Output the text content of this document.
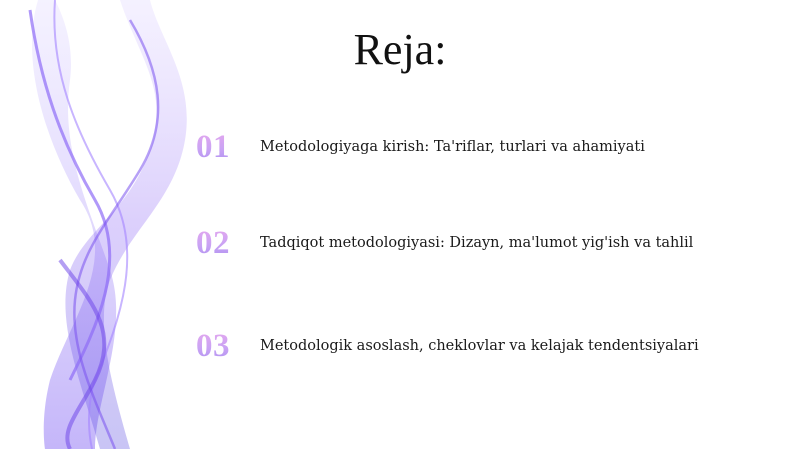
Reja:
01	Metodologiyaga kirish: Ta'riflar, turlari va ahamiyati
02	Tadqiqot metodologiyasi: Dizayn, ma'lumot yig'ish va tahlil
03	Metodologik asoslash, cheklovlar va kelajak tendentsiyalari
